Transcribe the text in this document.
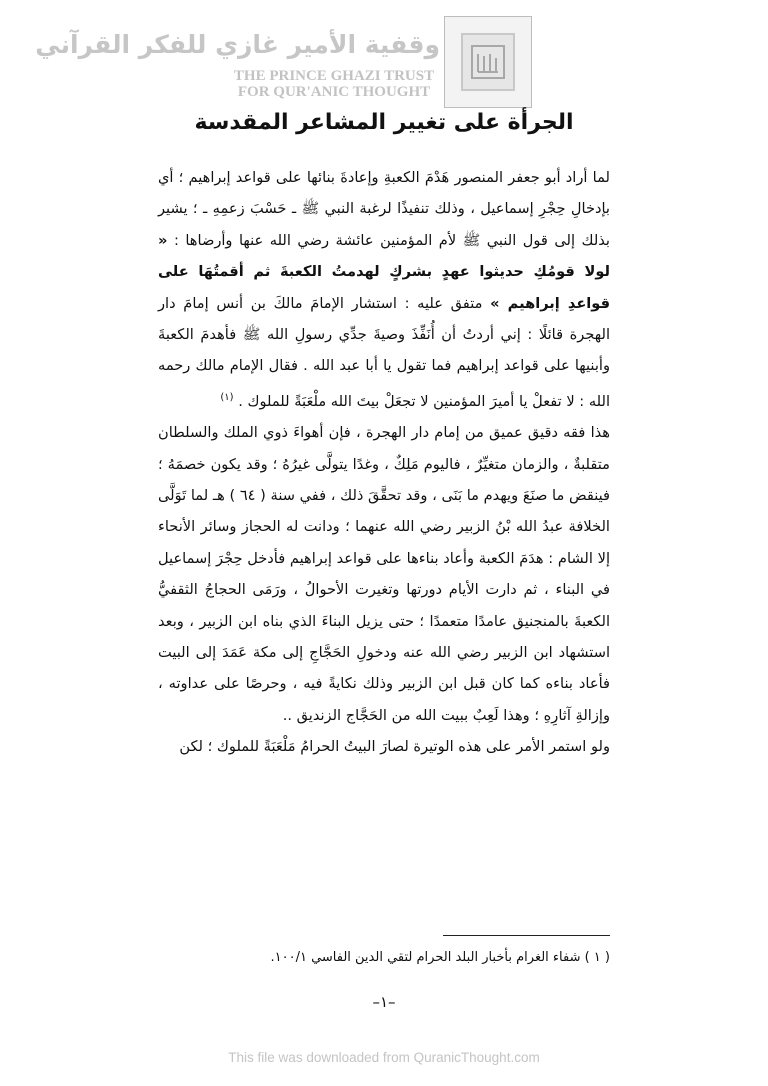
وقفية الأمير غازي للفكر القرآني
THE PRINCE GHAZI TRUST
FOR QUR'ANIC THOUGHT
الجرأة على تغيير المشاعر المقدسة

لما أراد أبو جعفر المنصور هَدْمَ الكعبةِ وإعادةَ بنائها على قواعد إبراهيم ؛ أي بإدخالِ حِجْرِ إسماعيل ، وذلك تنفيذًا لرغبة النبي ﷺ ـ حَسْبَ زعمِهِ ـ ؛ يشير بذلك إلى قول النبي ﷺ لأم المؤمنين عائشة رضي الله عنها وأرضاها : « لولا قومُكِ حديثوا عهدٍ بشركٍ لهدمتُ الكعبةَ ثم أقمتُهَا على قواعدِ إبراهيم » متفق عليه : استشار الإمامَ مالكَ بن أنس إمامَ دار الهجرة قائلًا : إني أردتُ أن أُنَفِّذَ وصيةَ جدِّي رسولِ الله ﷺ فأهدمَ الكعبةَ وأبنيها على قواعد إبراهيم فما تقول يا أبا عبد الله . فقال الإمام مالك رحمه الله : لا تفعلْ يا أميرَ المؤمنين لا تجعَلْ بيتَ الله ملْعَبَةً للملوك . $^{(١)}$

هذا فقه دقيق عميق من إمام دار الهجرة ، فإن أهواءَ ذوي الملك والسلطان متقلبةٌ ، والزمان متغيِّرٌ ، فاليوم مَلِكٌ ، وغدًا يتولَّى غيرُهُ ؛ وقد يكون خصمَهُ ؛ فينقض ما صنَعَ ويهدم ما بَنَى ، وقد تحقَّقَ ذلك ، ففي سنة ( ٦٤ ) هـ لما تَوَلَّى الخلافة عبدُ الله بْنُ الزبير رضي الله عنهما ؛ ودانت له الحجاز وسائر الأنحاء إلا الشام : هدَمَ الكعبة وأعاد بناءها على قواعد إبراهيم فأدخل حِجْرَ إسماعيل في البناء ، ثم دارت الأيام دورتها وتغيرت الأحوالُ ، ورَمَى الحجاجُ الثقفيُّ الكعبةَ بالمنجنيق عامدًا متعمدًا ؛ حتى يزيل البناءَ الذي بناه ابن الزبير ، وبعد استشهاد ابن الزبير رضي الله عنه ودخولِ الحَجَّاجِ إلى مكة عَمَدَ إلى البيت فأعاد بناءه كما كان قبل ابن الزبير وذلك نكايةً فيه ، وحرصًا على عداوته ، وإزالةِ آثارِهِ ؛ وهذا لَعِبٌ ببيت الله من الحَجَّاج الزنديق ..

ولو استمر الأمر على هذه الوتيرة لصارَ البيتُ الحرامُ مَلْعَبَةً للملوك ؛ لكن

( ١ ) شفاء الغرام بأخبار البلد الحرام لتقي الدين الفاسي ١٠٠/١.
–١–
This file was downloaded from QuranicThought.com
